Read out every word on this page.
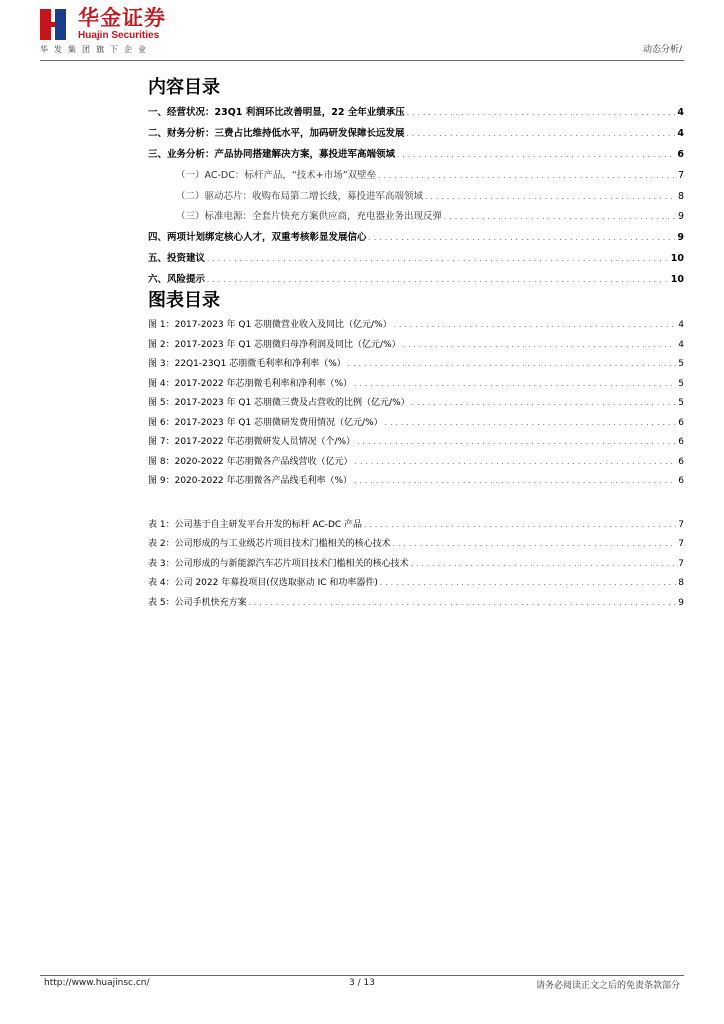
华金证券
Huajin Securities
华发集团旗下企业	动态分析/
内容目录
一、经营状况：23Q1 利润环比改善明显，22 全年业绩承压 . . .	4
二、财务分析：三费占比维持低水平，加码研发保障长远发展 . . .	4
三、业务分析：产品协同搭建解决方案，募投进军高端领域 . . .	6
（一）AC-DC：标杆产品，“技术+市场”双壁垒 . . .	7
（二）驱动芯片：收购布局第二增长线，募投进军高端领域 . . .	8
（三）标准电源：全套片快充方案供应商，充电器业务出现反弹 . . .	9
四、两项计划绑定核心人才，双重考核彰显发展信心 . . .	9
五、投资建议 . . .	10
六、风险提示 . . .	10
图表目录
图 1：2017-2023 年 Q1 芯朋微营业收入及同比（亿元/%） . . .	4
图 2：2017-2023 年 Q1 芯朋微归母净利润及同比（亿元/%） . . .	4
图 3：22Q1-23Q1 芯朋微毛利率和净利率（%） . . .	5
图 4：2017-2022 年芯朋微毛利率和净利率（%） . . .	5
图 5：2017-2023 年 Q1 芯朋微三费及占营收的比例（亿元/%） . . .	5
图 6：2017-2023 年 Q1 芯朋微研发费用情况（亿元/%） . . .	6
图 7：2017-2022 年芯朋微研发人员情况（个/%） . . .	6
图 8：2020-2022 年芯朋微各产品线营收（亿元） . . .	6
图 9：2020-2022 年芯朋微各产品线毛利率（%） . . .	6
表 1：公司基于自主研发平台开发的标杆 AC-DC 产品 . . .	7
表 2：公司形成的与工业级芯片项目技术门槛相关的核心技术 . . .	7
表 3：公司形成的与新能源汽车芯片项目技术门槛相关的核心技术 . . .	7
表 4：公司 2022 年募投项目(仅选取驱动 IC 和功率器件) . . .	8
表 5：公司手机快充方案 . . .	9
http://www.huajinsc.cn/	3 / 13	请务必阅读正文之后的免责条款部分
